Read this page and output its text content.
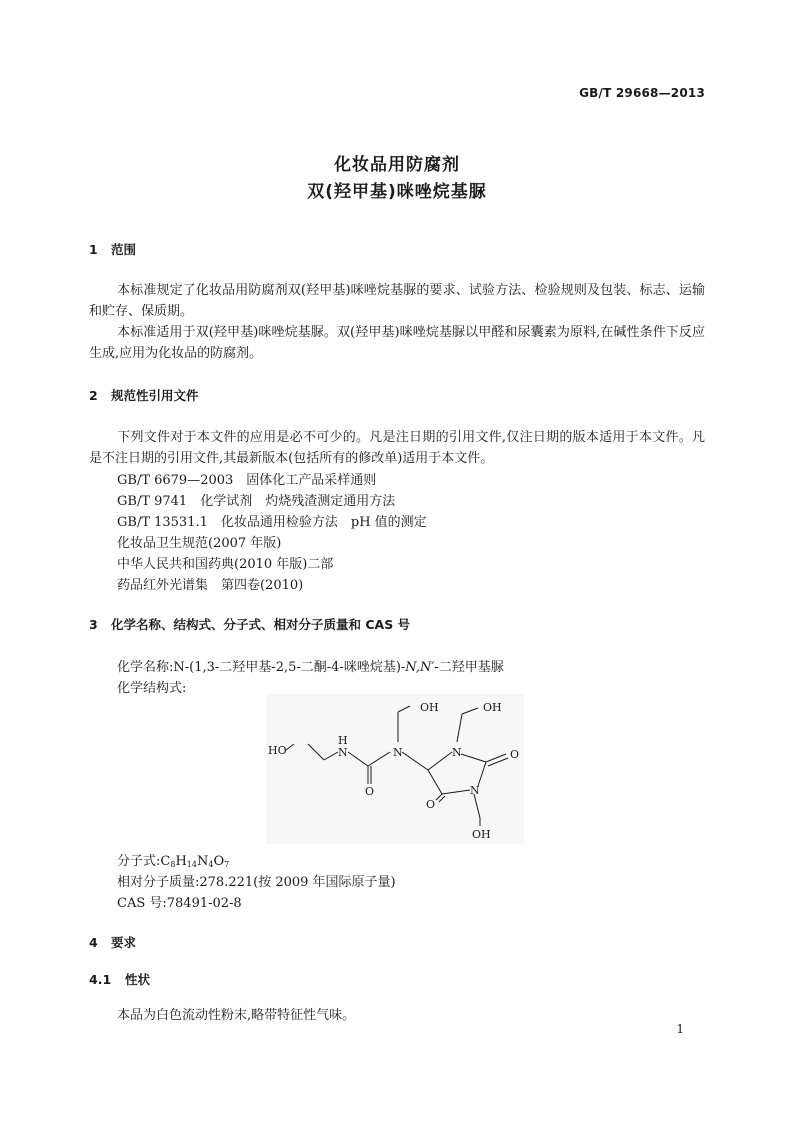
GB/T 29668—2013
化妆品用防腐剂
双(羟甲基)咪唑烷基脲
1 范围
本标准规定了化妆品用防腐剂双(羟甲基)咪唑烷基脲的要求、试验方法、检验规则及包装、标志、运输和贮存、保质期。
本标准适用于双(羟甲基)咪唑烷基脲。双(羟甲基)咪唑烷基脲以甲醛和尿囊素为原料,在碱性条件下反应生成,应用为化妆品的防腐剂。
2 规范性引用文件
下列文件对于本文件的应用是必不可少的。凡是注日期的引用文件,仅注日期的版本适用于本文件。凡是不注日期的引用文件,其最新版本(包括所有的修改单)适用于本文件。
GB/T 6679—2003　固体化工产品采样通则
GB/T 9741　化学试剂　灼烧残渣测定通用方法
GB/T 13531.1　化妆品通用检验方法　pH 值的测定
化妆品卫生规范(2007 年版)
中华人民共和国药典(2010 年版)二部
药品红外光谱集　第四卷(2010)
3 化学名称、结构式、分子式、相对分子质量和 CAS 号
化学名称:N-(1,3-二羟甲基-2,5-二酮-4-咪唑烷基)-N,N′-二羟甲基脲
化学结构式:
HO
H
N
O
N
OH	OH
N	O
N
O
OH
分子式$:C_8H_{14}N_4O_7$
相对分子质量:278.221(按 2009 年国际原子量)
CAS 号:78491-02-8
4 要求
4.1 性状
本品为白色流动性粉末,略带特征性气味。
1
